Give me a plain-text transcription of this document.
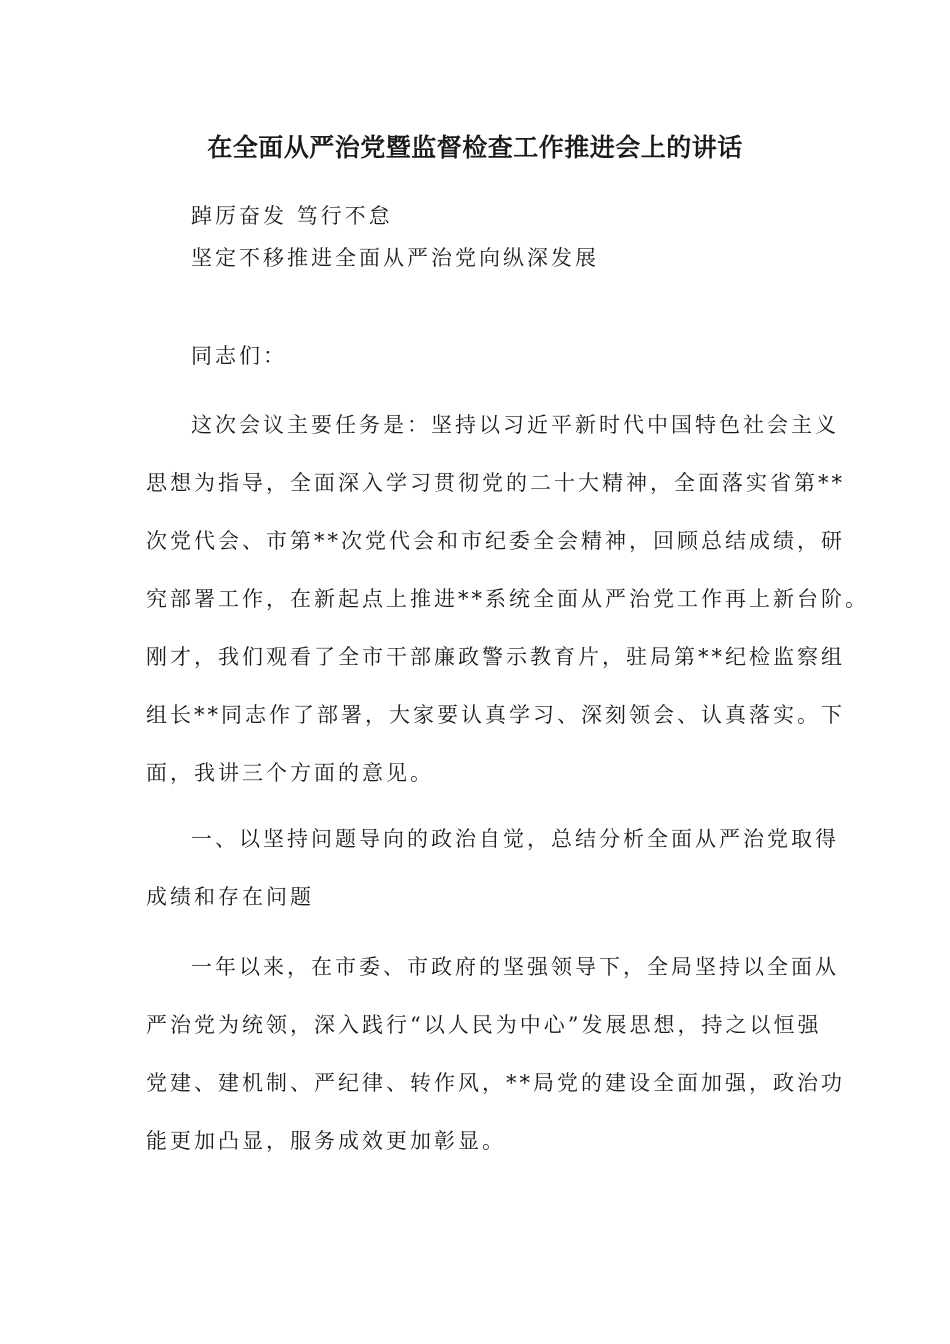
在全面从严治党暨监督检查工作推进会上的讲话

踔厉奋发 笃行不怠

坚定不移推进全面从严治党向纵深发展

同志们：

这次会议主要任务是：坚持以习近平新时代中国特色社会主义
思想为指导，全面深入学习贯彻党的二十大精神，全面落实省第**
次党代会、市第**次党代会和市纪委全会精神，回顾总结成绩，研
究部署工作，在新起点上推进**系统全面从严治党工作再上新台阶。
刚才，我们观看了全市干部廉政警示教育片，驻局第**纪检监察组
组长**同志作了部署，大家要认真学习、深刻领会、认真落实。下
面，我讲三个方面的意见。
一、以坚持问题导向的政治自觉，总结分析全面从严治党取得
成绩和存在问题
一年以来，在市委、市政府的坚强领导下，全局坚持以全面从
严治党为统领，深入践行“以人民为中心”发展思想，持之以恒强
党建、建机制、严纪律、转作风，**局党的建设全面加强，政治功
能更加凸显，服务成效更加彰显。
